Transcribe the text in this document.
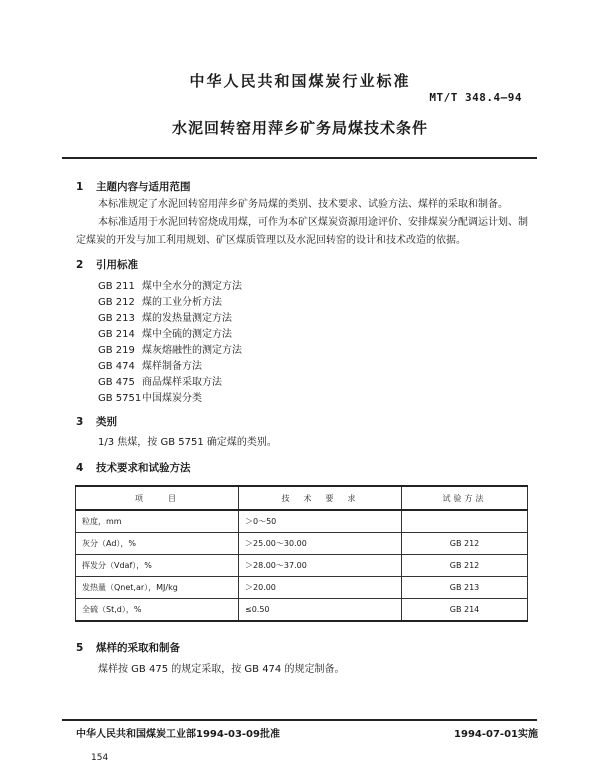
中华人民共和国煤炭行业标准
MT/T 348.4—94
水泥回转窑用萍乡矿务局煤技术条件
1 主题内容与适用范围
本标准规定了水泥回转窑用萍乡矿务局煤的类别、技术要求、试验方法、煤样的采取和制备。
本标准适用于水泥回转窑烧成用煤，可作为本矿区煤炭资源用途评价、安排煤炭分配调运计划、制
定煤炭的开发与加工利用规划、矿区煤质管理以及水泥回转窑的设计和技术改造的依据。
2 引用标准
GB 211 煤中全水分的测定方法
GB 212 煤的工业分析方法
GB 213 煤的发热量测定方法
GB 214 煤中全硫的测定方法
GB 219 煤灰熔融性的测定方法
GB 474 煤样制备方法
GB 475 商品煤样采取方法
GB 5751中国煤炭分类
3 类别
1/3 焦煤，按 GB 5751 确定煤的类别。
4 技术要求和试验方法
项　　目	技　术　要　求	试验方法
粒度，mm	＞0～50	
灰分（Ad），%	＞25.00～30.00	GB 212
挥发分（Vdaf），%	＞28.00～37.00	GB 212
发热量（Qnet,ar），MJ/kg	＞20.00	GB 213
全硫（St,d），%	≤0.50	GB 214
5 煤样的采取和制备
煤样按 GB 475 的规定采取，按 GB 474 的规定制备。
中华人民共和国煤炭工业部1994-03-09批准	1994-07-01实施
154
